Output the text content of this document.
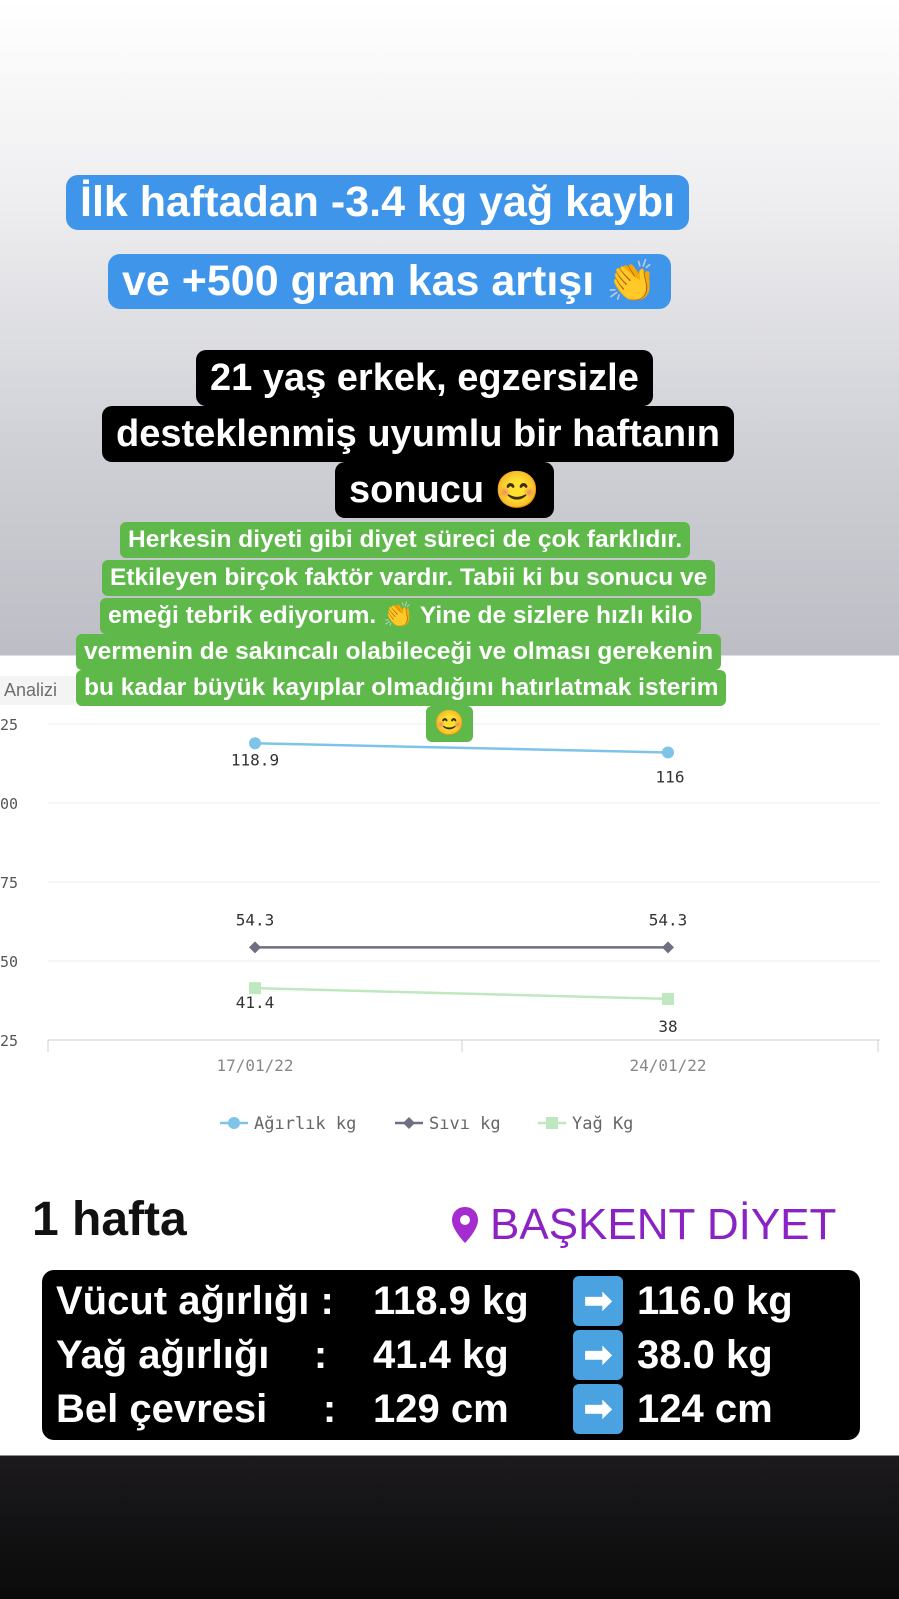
İlk haftadan -3.4 kg yağ kaybı
ve +500 gram kas artışı 👏
21 yaş erkek, egzersizle
desteklenmiş uyumlu bir haftanın
sonucu 😊
Analizi
25
00
75
50
25
17/01/22	24/01/22
118.9
116
54.3	54.3
41.4
38
Ağırlık kg	Sıvı kg	Yağ Kg
Herkesin diyeti gibi diyet süreci de çok farklıdır.
Etkileyen birçok faktör vardır. Tabii ki bu sonucu ve
emeği tebrik ediyorum. 👏 Yine de sizlere hızlı kilo
vermenin de sakıncalı olabileceği ve olması gerekenin
bu kadar büyük kayıplar olmadığını hatırlatmak isterim
😊
1 hafta	BAŞKENT DİYET
Vücut ağırlığı : 118.9 kg	➡ 116.0 kg
Yağ ağırlığı    :	41.4 kg	➡ 38.0 kg
Bel çevresi     : 129 cm	➡ 124 cm
